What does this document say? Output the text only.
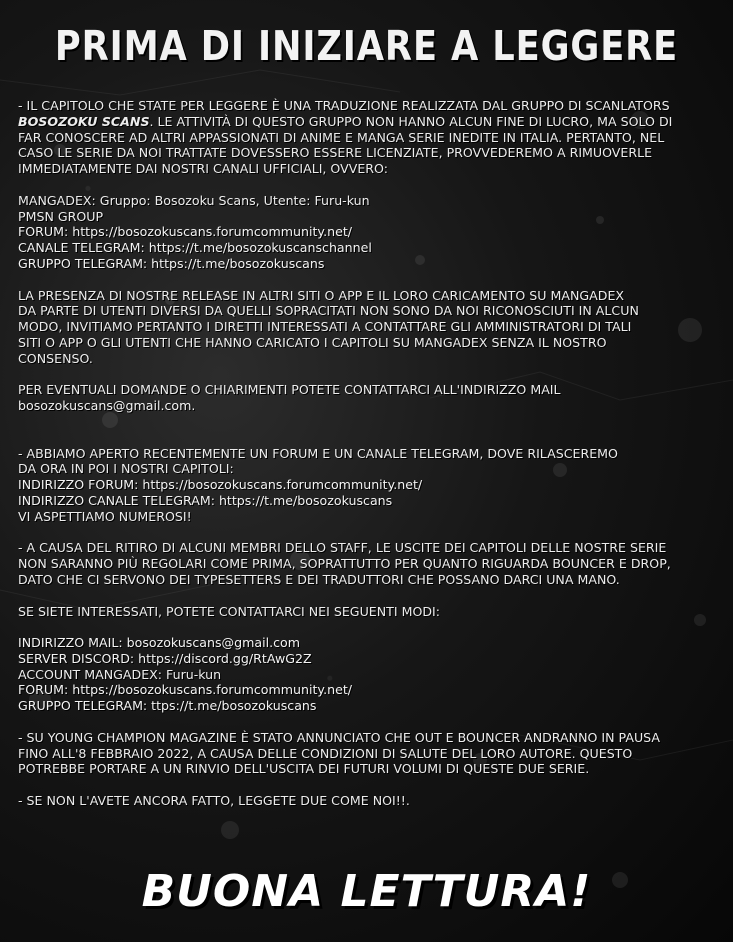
PRIMA DI INIZIARE A LEGGERE
- IL CAPITOLO CHE STATE PER LEGGERE È UNA TRADUZIONE REALIZZATA DAL GRUPPO DI SCANLATORS
BOSOZOKU SCANS. LE ATTIVITÀ DI QUESTO GRUPPO NON HANNO ALCUN FINE DI LUCRO, MA SOLO DI
FAR CONOSCERE AD ALTRI APPASSIONATI DI ANIME E MANGA SERIE INEDITE IN ITALIA. PERTANTO, NEL
CASO LE SERIE DA NOI TRATTATE DOVESSERO ESSERE LICENZIATE, PROVVEDEREMO A RIMUOVERLE
IMMEDIATAMENTE DAI NOSTRI CANALI UFFICIALI, OVVERO:
MANGADEX: Gruppo: Bosozoku Scans, Utente: Furu-kun
PMSN GROUP
FORUM: https://bosozokuscans.forumcommunity.net/
CANALE TELEGRAM: https://t.me/bosozokuscanschannel
GRUPPO TELEGRAM: https://t.me/bosozokuscans
LA PRESENZA DI NOSTRE RELEASE IN ALTRI SITI O APP E IL LORO CARICAMENTO SU MANGADEX
DA PARTE DI UTENTI DIVERSI DA QUELLI SOPRACITATI NON SONO DA NOI RICONOSCIUTI IN ALCUN
MODO, INVITIAMO PERTANTO I DIRETTI INTERESSATI A CONTATTARE GLI AMMINISTRATORI DI TALI
SITI O APP O GLI UTENTI CHE HANNO CARICATO I CAPITOLI SU MANGADEX SENZA IL NOSTRO
CONSENSO.
PER EVENTUALI DOMANDE O CHIARIMENTI POTETE CONTATTARCI ALL'INDIRIZZO MAIL
bosozokuscans@gmail.com.
- ABBIAMO APERTO RECENTEMENTE UN FORUM E UN CANALE TELEGRAM, DOVE RILASCEREMO
DA ORA IN POI I NOSTRI CAPITOLI:
INDIRIZZO FORUM: https://bosozokuscans.forumcommunity.net/
INDIRIZZO CANALE TELEGRAM: https://t.me/bosozokuscans
VI ASPETTIAMO NUMEROSI!
- A CAUSA DEL RITIRO DI ALCUNI MEMBRI DELLO STAFF, LE USCITE DEI CAPITOLI DELLE NOSTRE SERIE
NON SARANNO PIÙ REGOLARI COME PRIMA, SOPRATTUTTO PER QUANTO RIGUARDA BOUNCER E DROP,
DATO CHE CI SERVONO DEI TYPESETTERS E DEI TRADUTTORI CHE POSSANO DARCI UNA MANO.
SE SIETE INTERESSATI, POTETE CONTATTARCI NEI SEGUENTI MODI:
INDIRIZZO MAIL: bosozokuscans@gmail.com
SERVER DISCORD: https://discord.gg/RtAwG2Z
ACCOUNT MANGADEX: Furu-kun
FORUM: https://bosozokuscans.forumcommunity.net/
GRUPPO TELEGRAM: ttps://t.me/bosozokuscans
- SU YOUNG CHAMPION MAGAZINE È STATO ANNUNCIATO CHE OUT E BOUNCER ANDRANNO IN PAUSA
FINO ALL'8 FEBBRAIO 2022, A CAUSA DELLE CONDIZIONI DI SALUTE DEL LORO AUTORE. QUESTO
POTREBBE PORTARE A UN RINVIO DELL'USCITA DEI FUTURI VOLUMI DI QUESTE DUE SERIE.
- SE NON L'AVETE ANCORA FATTO, LEGGETE DUE COME NOI!!.
BUONA LETTURA!
